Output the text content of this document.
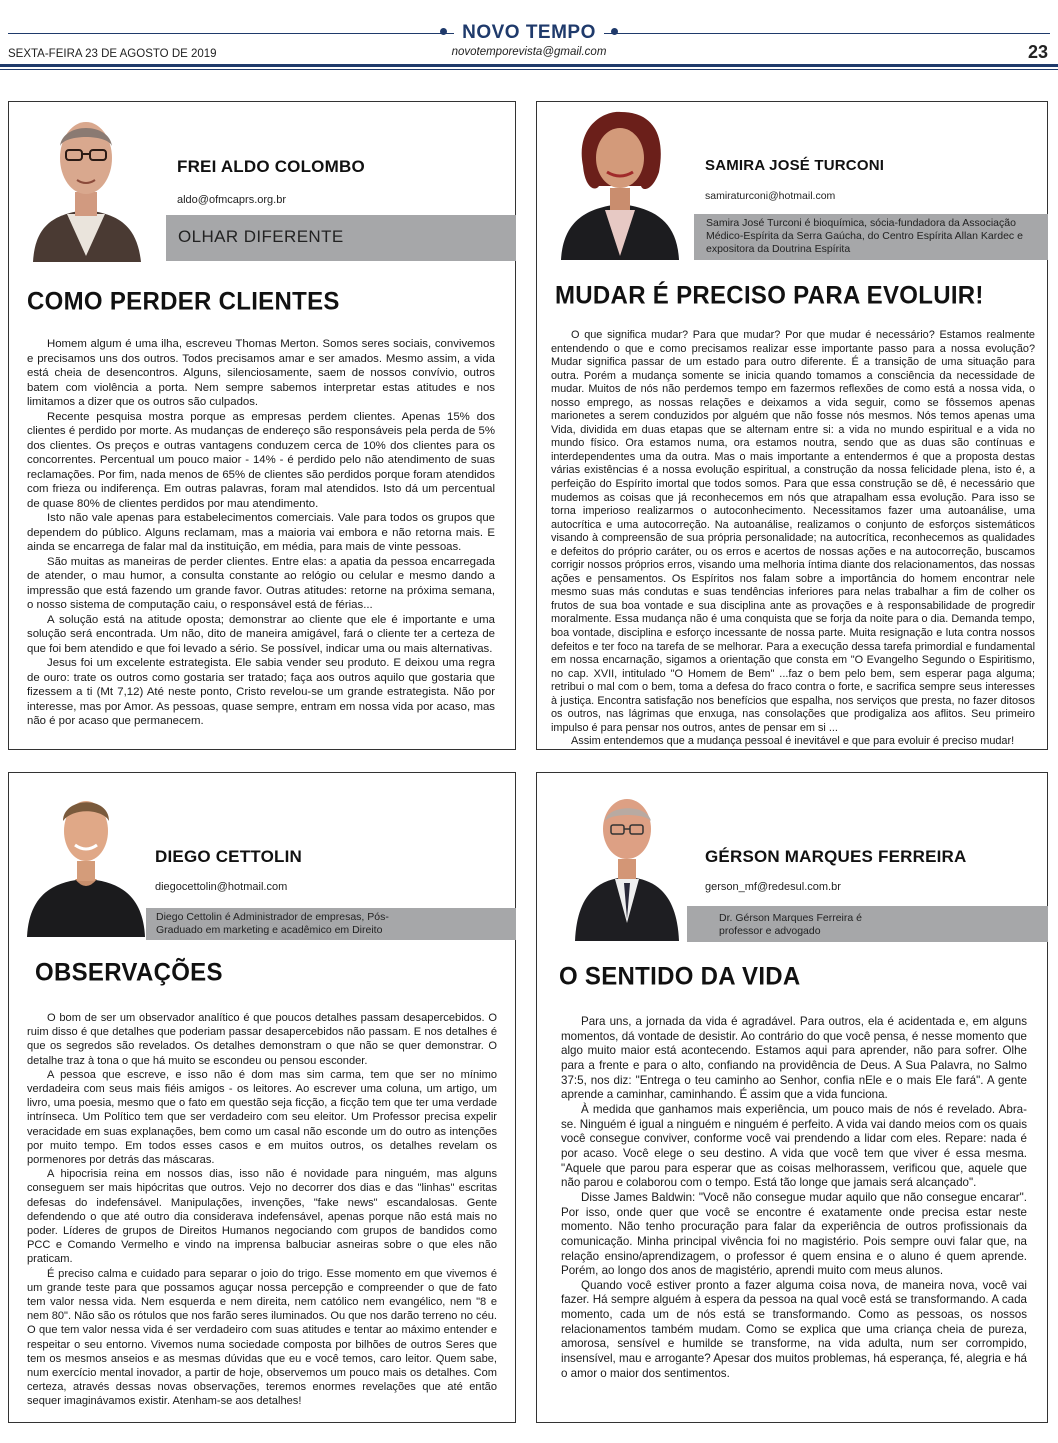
NOVO TEMPO
SEXTA-FEIRA 23 DE AGOSTO DE 2019	novotemporevista@gmail.com	23
FREI ALDO COLOMBO
aldo@ofmcaprs.org.br
OLHAR DIFERENTE
COMO PERDER CLIENTES

Homem algum é uma ilha, escreveu Thomas Merton. Somos seres sociais, convivemos e precisamos uns dos outros. Todos precisamos amar e ser amados. Mesmo assim, a vida está cheia de desencontros. Alguns, silenciosamente, saem de nossos convívio, outros batem com violência a porta. Nem sempre sabemos interpretar estas atitudes e nos limitamos a dizer que os outros são culpados.

Recente pesquisa mostra porque as empresas perdem clientes. Apenas 15% dos clientes é perdido por morte. As mudanças de endereço são responsáveis pela perda de 5% dos clientes. Os preços e outras vantagens conduzem cerca de 10% dos clientes para os concorrentes. Percentual um pouco maior - 14% - é perdido pelo não atendimento de suas reclamações. Por fim, nada menos de 65% de clientes são perdidos porque foram atendidos com frieza ou indiferença. Em outras palavras, foram mal atendidos. Isto dá um percentual de quase 80% de clientes perdidos por mau atendimento.

Isto não vale apenas para estabelecimentos comerciais. Vale para todos os grupos que dependem do público. Alguns reclamam, mas a maioria vai embora e não retorna mais. E ainda se encarrega de falar mal da instituição, em média, para mais de vinte pessoas.

São muitas as maneiras de perder clientes. Entre elas: a apatia da pessoa encarregada de atender, o mau humor, a consulta constante ao relógio ou celular e mesmo dando a impressão que está fazendo um grande favor. Outras atitudes: retorne na próxima semana, o nosso sistema de computação caiu, o responsável está de férias...

A solução está na atitude oposta; demonstrar ao cliente que ele é importante e uma solução será encontrada. Um não, dito de maneira amigável, fará o cliente ter a certeza de que foi bem atendido e que foi levado a sério. Se possível, indicar uma ou mais alternativas.

Jesus foi um excelente estrategista. Ele sabia vender seu produto. E deixou uma regra de ouro: trate os outros como gostaria ser tratado; faça aos outros aquilo que gostaria que fizessem a ti (Mt 7,12) Até neste ponto, Cristo revelou-se um grande estrategista. Não por interesse, mas por Amor. As pessoas, quase sempre, entram em nossa vida por acaso, mas não é por acaso que permanecem.

SAMIRA JOSÉ TURCONI
samiraturconi@hotmail.com
Samira José Turconi é bioquímica, sócia-fundadora da Associação Médico-Espírita da Serra Gaúcha, do Centro Espírita Allan Kardec e expositora da Doutrina Espírita
MUDAR É PRECISO PARA EVOLUIR!

O que significa mudar? Para que mudar? Por que mudar é necessário? Estamos realmente entendendo o que e como precisamos realizar esse importante passo para a nossa evolução? Mudar significa passar de um estado para outro diferente. É a transição de uma situação para outra. Porém a mudança somente se inicia quando tomamos a consciência da necessidade de mudar. Muitos de nós não perdemos tempo em fazermos reflexões de como está a nossa vida, o nosso emprego, as nossas relações e deixamos a vida seguir, como se fôssemos apenas marionetes a serem conduzidos por alguém que não fosse nós mesmos. Nós temos apenas uma Vida, dividida em duas etapas que se alternam entre si: a vida no mundo espiritual e a vida no mundo físico. Ora estamos numa, ora estamos noutra, sendo que as duas são contínuas e interdependentes uma da outra. Mas o mais importante a entendermos é que a proposta destas várias existências é a nossa evolução espiritual, a construção da nossa felicidade plena, isto é, a perfeição do Espírito imortal que todos somos. Para que essa construção se dê, é necessário que mudemos as coisas que já reconhecemos em nós que atrapalham essa evolução. Para isso se torna imperioso realizarmos o autoconhecimento. Necessitamos fazer uma autoanálise, uma autocrítica e uma autocorreção. Na autoanálise, realizamos o conjunto de esforços sistemáticos visando à compreensão de sua própria personalidade; na autocrítica, reconhecemos as qualidades e defeitos do próprio caráter, ou os erros e acertos de nossas ações e na autocorreção, buscamos corrigir nossos próprios erros, visando uma melhoria íntima diante dos relacionamentos, das nossas ações e pensamentos. Os Espíritos nos falam sobre a importância do homem encontrar nele mesmo suas más condutas e suas tendências inferiores para nelas trabalhar a fim de colher os frutos de sua boa vontade e sua disciplina ante as provações e à responsabilidade de progredir moralmente. Essa mudança não é uma conquista que se forja da noite para o dia. Demanda tempo, boa vontade, disciplina e esforço incessante de nossa parte. Muita resignação e luta contra nossos defeitos e ter foco na tarefa de se melhorar. Para a execução dessa tarefa primordial e fundamental em nossa encarnação, sigamos a orientação que consta em "O Evangelho Segundo o Espiritismo, no cap. XVII, intitulado "O Homem de Bem" ...faz o bem pelo bem, sem esperar paga alguma; retribui o mal com o bem, toma a defesa do fraco contra o forte, e sacrifica sempre seus interesses à justiça. Encontra satisfação nos benefícios que espalha, nos serviços que presta, no fazer ditosos os outros, nas lágrimas que enxuga, nas consolações que prodigaliza aos aflitos. Seu primeiro impulso é para pensar nos outros, antes de pensar em si ...

Assim entendemos que a mudança pessoal é inevitável e que para evoluir é preciso mudar!

DIEGO CETTOLIN
diegocettolin@hotmail.com
Diego Cettolin é Administrador de empresas, Pós-Graduado em marketing e acadêmico em Direito
OBSERVAÇÕES

O bom de ser um observador analítico é que poucos detalhes passam desapercebidos. O ruim disso é que detalhes que poderiam passar desapercebidos não passam. E nos detalhes é que os segredos são revelados. Os detalhes demonstram o que não se quer demonstrar. O detalhe traz à tona o que há muito se escondeu ou pensou esconder.

A pessoa que escreve, e isso não é dom mas sim carma, tem que ser no mínimo verdadeira com seus mais fiéis amigos - os leitores. Ao escrever uma coluna, um artigo, um livro, uma poesia, mesmo que o fato em questão seja ficção, a ficção tem que ter uma verdade intrínseca. Um Político tem que ser verdadeiro com seu eleitor. Um Professor precisa expelir veracidade em suas explanações, bem como um casal não esconde um do outro as intenções por muito tempo. Em todos esses casos e em muitos outros, os detalhes revelam os pormenores por detrás das máscaras.

A hipocrisia reina em nossos dias, isso não é novidade para ninguém, mas alguns conseguem ser mais hipócritas que outros. Vejo no decorrer dos dias e das "linhas" escritas defesas do indefensável. Manipulações, invenções, "fake news" escandalosas. Gente defendendo o que até outro dia considerava indefensável, apenas porque não está mais no poder. Líderes de grupos de Direitos Humanos negociando com grupos de bandidos como PCC e Comando Vermelho e vindo na imprensa balbuciar asneiras sobre o que eles não praticam.

É preciso calma e cuidado para separar o joio do trigo. Esse momento em que vivemos é um grande teste para que possamos aguçar nossa percepção e compreender o que de fato tem valor nessa vida. Nem esquerda e nem direita, nem católico nem evangélico, nem "8 e nem 80". Não são os rótulos que nos farão seres iluminados. Ou que nos darão terreno no céu. O que tem valor nessa vida é ser verdadeiro com suas atitudes e tentar ao máximo entender e respeitar o seu entorno. Vivemos numa sociedade composta por bilhões de outros Seres que tem os mesmos anseios e as mesmas dúvidas que eu e você temos, caro leitor. Quem sabe, num exercício mental inovador, a partir de hoje, observemos um pouco mais os detalhes. Com certeza, através dessas novas observações, teremos enormes revelações que até então sequer imaginávamos existir. Atenham-se aos detalhes!

GÉRSON MARQUES FERREIRA
gerson_mf@redesul.com.br
Dr. Gérson Marques Ferreira é professor e advogado
O SENTIDO DA VIDA

Para uns, a jornada da vida é agradável. Para outros, ela é acidentada e, em alguns momentos, dá vontade de desistir. Ao contrário do que você pensa, é nesse momento que algo muito maior está acontecendo. Estamos aqui para aprender, não para sofrer. Olhe para a frente e para o alto, confiando na providência de Deus. A Sua Palavra, no Salmo 37:5, nos diz: "Entrega o teu caminho ao Senhor, confia nEle e o mais Ele fará". A gente aprende a caminhar, caminhando. É assim que a vida funciona.

À medida que ganhamos mais experiência, um pouco mais de nós é revelado. Abra-se. Ninguém é igual a ninguém e ninguém é perfeito. A vida vai dando meios com os quais você consegue conviver, conforme você vai prendendo a lidar com eles. Repare: nada é por acaso. Você elege o seu destino. A vida que você tem que viver é essa mesma. "Aquele que parou para esperar que as coisas melhorassem, verificou que, aquele que não parou e colaborou com o tempo. Está tão longe que jamais será alcançado".

Disse James Baldwin: "Você não consegue mudar aquilo que não consegue encarar". Por isso, onde quer que você se encontre é exatamente onde precisa estar neste momento. Não tenho procuração para falar da experiência de outros profissionais da comunicação. Minha principal vivência foi no magistério. Pois sempre ouvi falar que, na relação ensino/aprendizagem, o professor é quem ensina e o aluno é quem aprende. Porém, ao longo dos anos de magistério, aprendi muito com meus alunos.

Quando você estiver pronto a fazer alguma coisa nova, de maneira nova, você vai fazer. Há sempre alguém à espera da pessoa na qual você está se transformando. A cada momento, cada um de nós está se transformando. Como as pessoas, os nossos relacionamentos também mudam. Como se explica que uma criança cheia de pureza, amorosa, sensível e humilde se transforme, na vida adulta, num ser corrompido, insensível, mau e arrogante? Apesar dos muitos problemas, há esperança, fé, alegria e há o amor o maior dos sentimentos.
